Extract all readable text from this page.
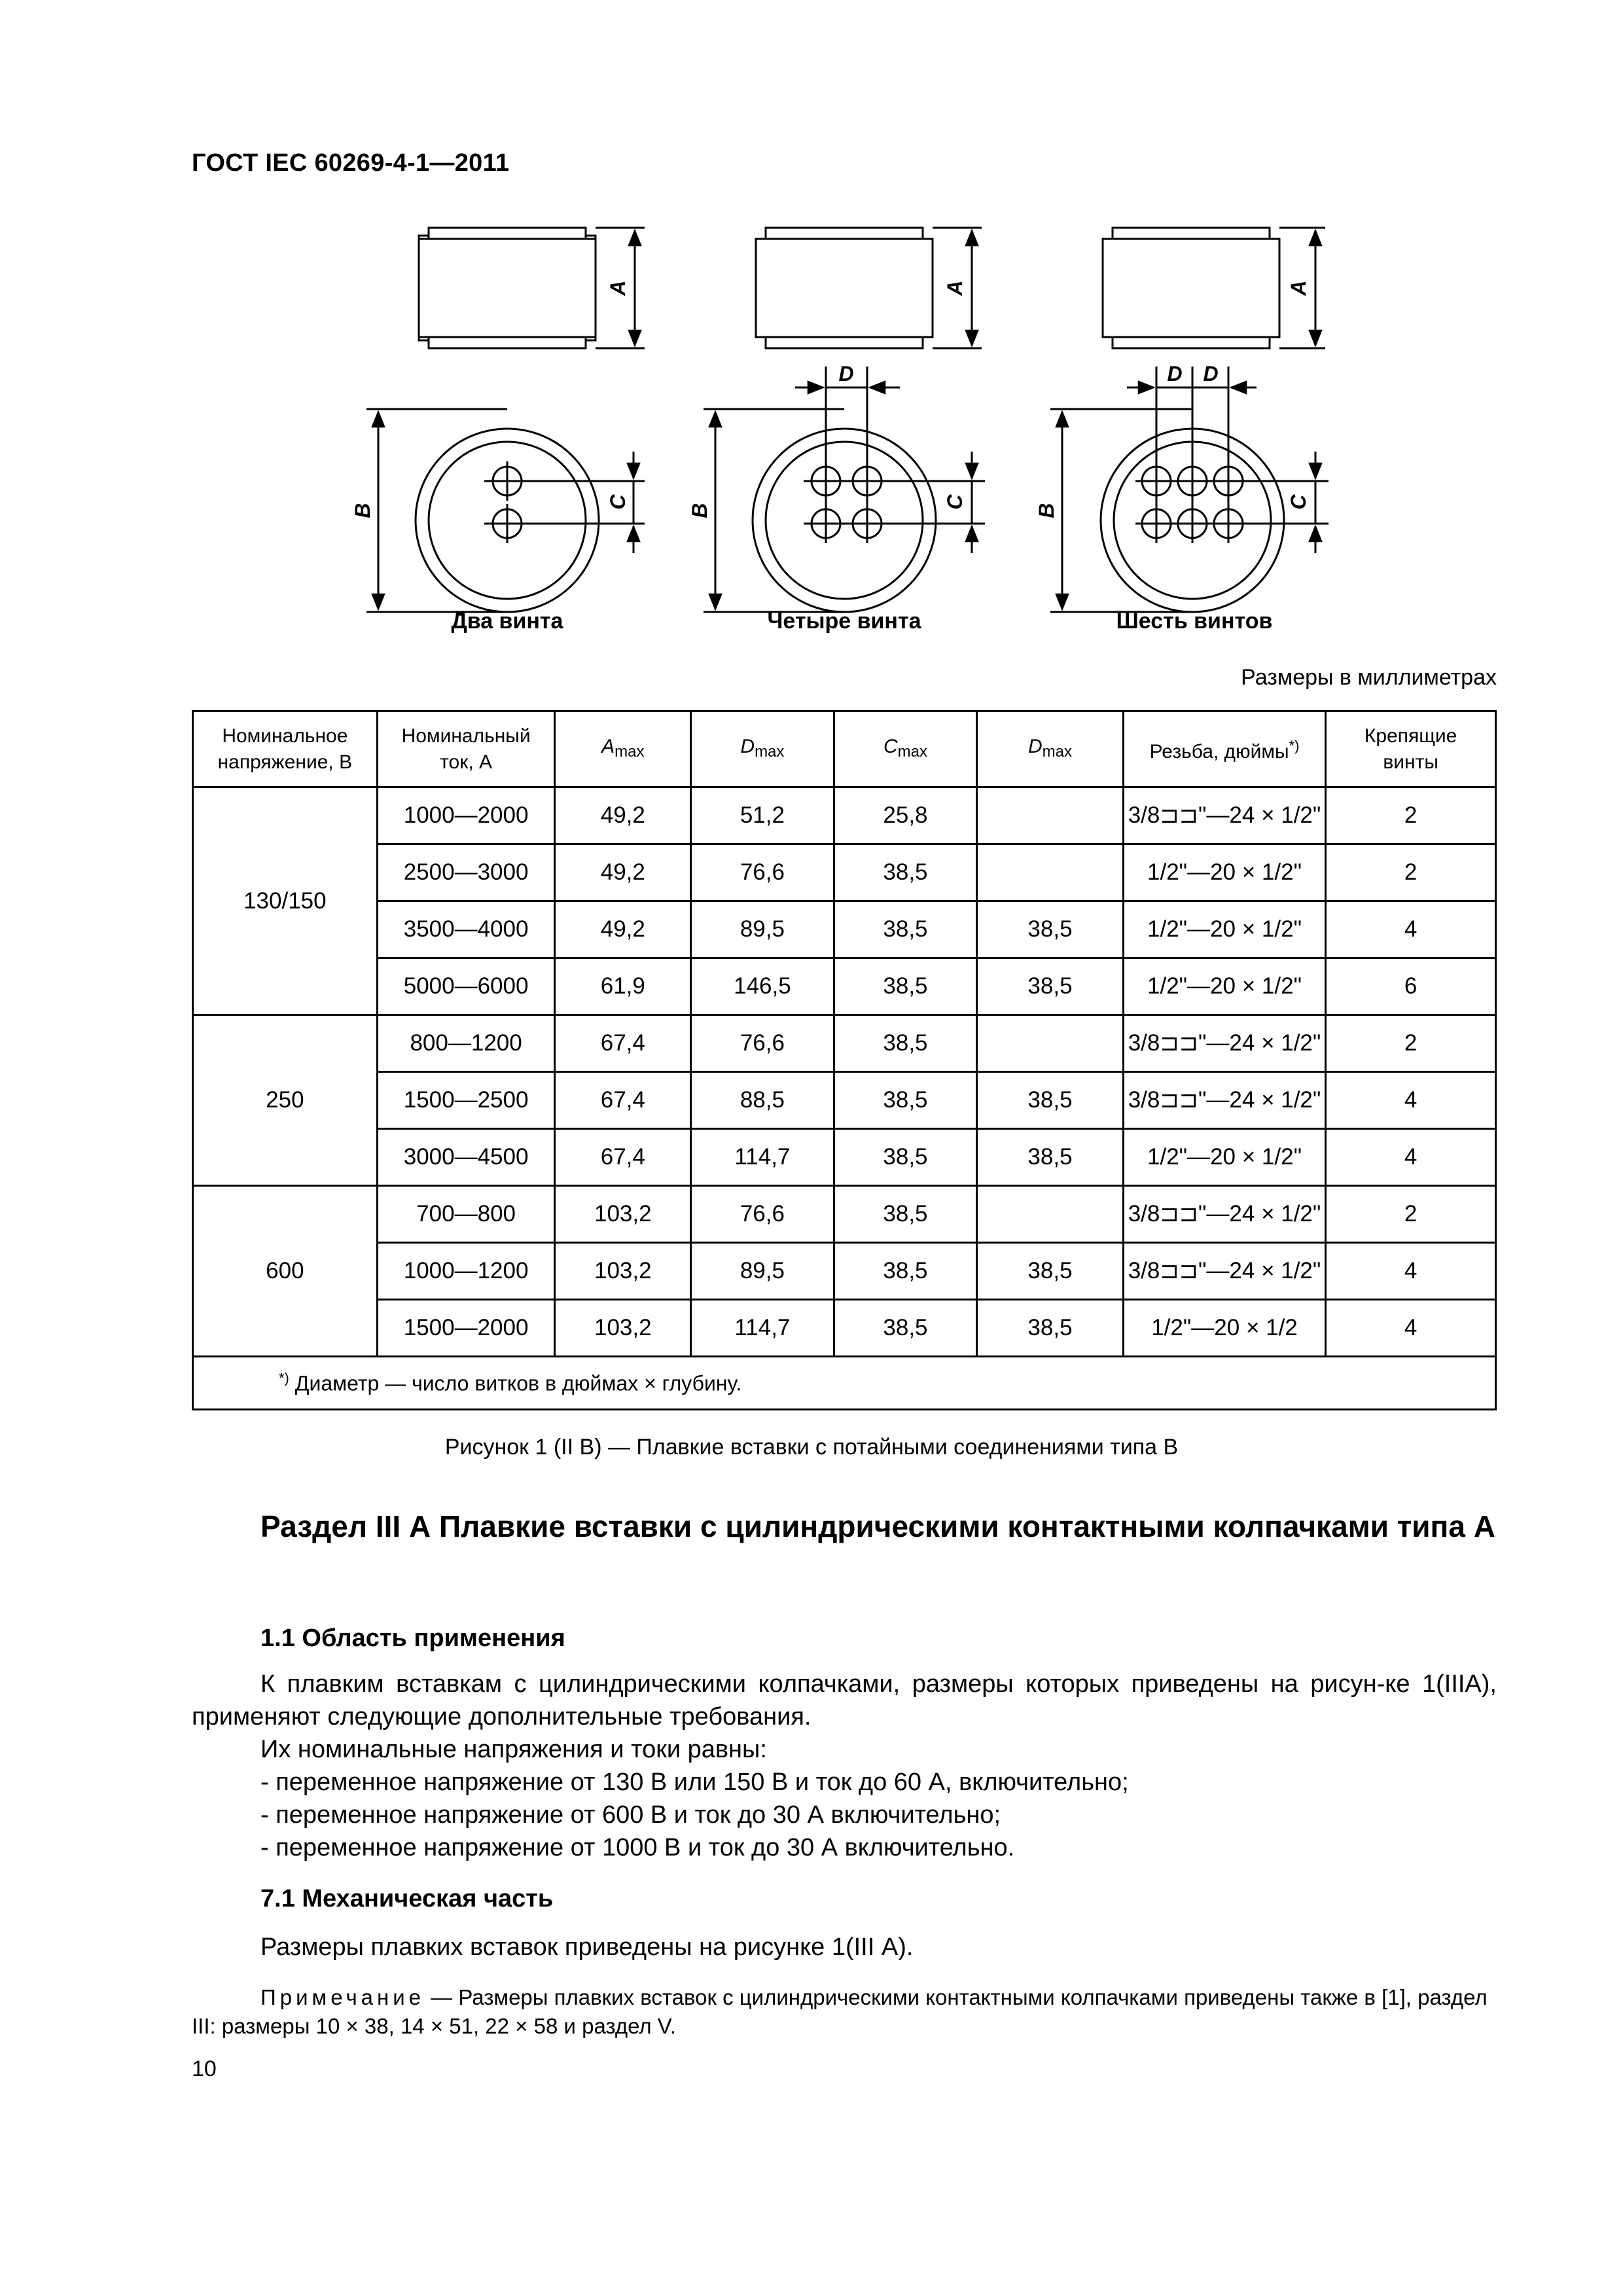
ГОСТ IEC 60269-4-1—2011
A	A	A
B	B	B
C	C	C
D	D D
Два винта	Четыре винта	Шесть винтов
Размеры в миллиметрах
Номинальное
напряжение, В	Номинальный
ток, А	$A_{max}$	$D_{max}$	$C_{max}$	$D_{max}$	Резьба, дюймы*)	Крепящие
винты
130/150	1000—2000	49,2	51,2	25,8		3/8⊐⊐"—24 × 1/2"	2
	2500—3000	49,2	76,6	38,5		1/2"—20 × 1/2"	2
	3500—4000	49,2	89,5	38,5	38,5	1/2"—20 × 1/2"	4
	5000—6000	61,9	146,5	38,5	38,5	1/2"—20 × 1/2"	6
250	800—1200	67,4	76,6	38,5		3/8⊐⊐"—24 × 1/2"	2
	1500—2500	67,4	88,5	38,5	38,5	3/8⊐⊐"—24 × 1/2"	4
	3000—4500	67,4	114,7	38,5	38,5	1/2"—20 × 1/2"	4
600	700—800	103,2	76,6	38,5		3/8⊐⊐"—24 × 1/2"	2
	1000—1200	103,2	89,5	38,5	38,5	3/8⊐⊐"—24 × 1/2"	4
	1500—2000	103,2	114,7	38,5	38,5	1/2"—20 × 1/2	4
*) Диаметр — число витков в дюймах × глубину.							
Рисунок 1 (II В) — Плавкие вставки с потайными соединениями типа В
Раздел III А Плавкие вставки с цилиндрическими контактными колпачками типа А
1.1 Область применения
К плавким вставкам с цилиндрическими колпачками, размеры которых приведены на рисун-ке 1(IIIA), применяют следующие дополнительные требования.
Их номинальные напряжения и токи равны:
- переменное напряжение от 130 В или 150 В и ток до 60 А, включительно;
- переменное напряжение от 600 В и ток до 30 А включительно;
- переменное напряжение от 1000 В и ток до 30 А включительно.
7.1 Механическая часть
Размеры плавких вставок приведены на рисунке 1(III А).
Примечание — Размеры плавких вставок с цилиндрическими контактными колпачками приведены также в [1], раздел III: размеры 10 × 38, 14 × 51, 22 × 58 и раздел V.
10
